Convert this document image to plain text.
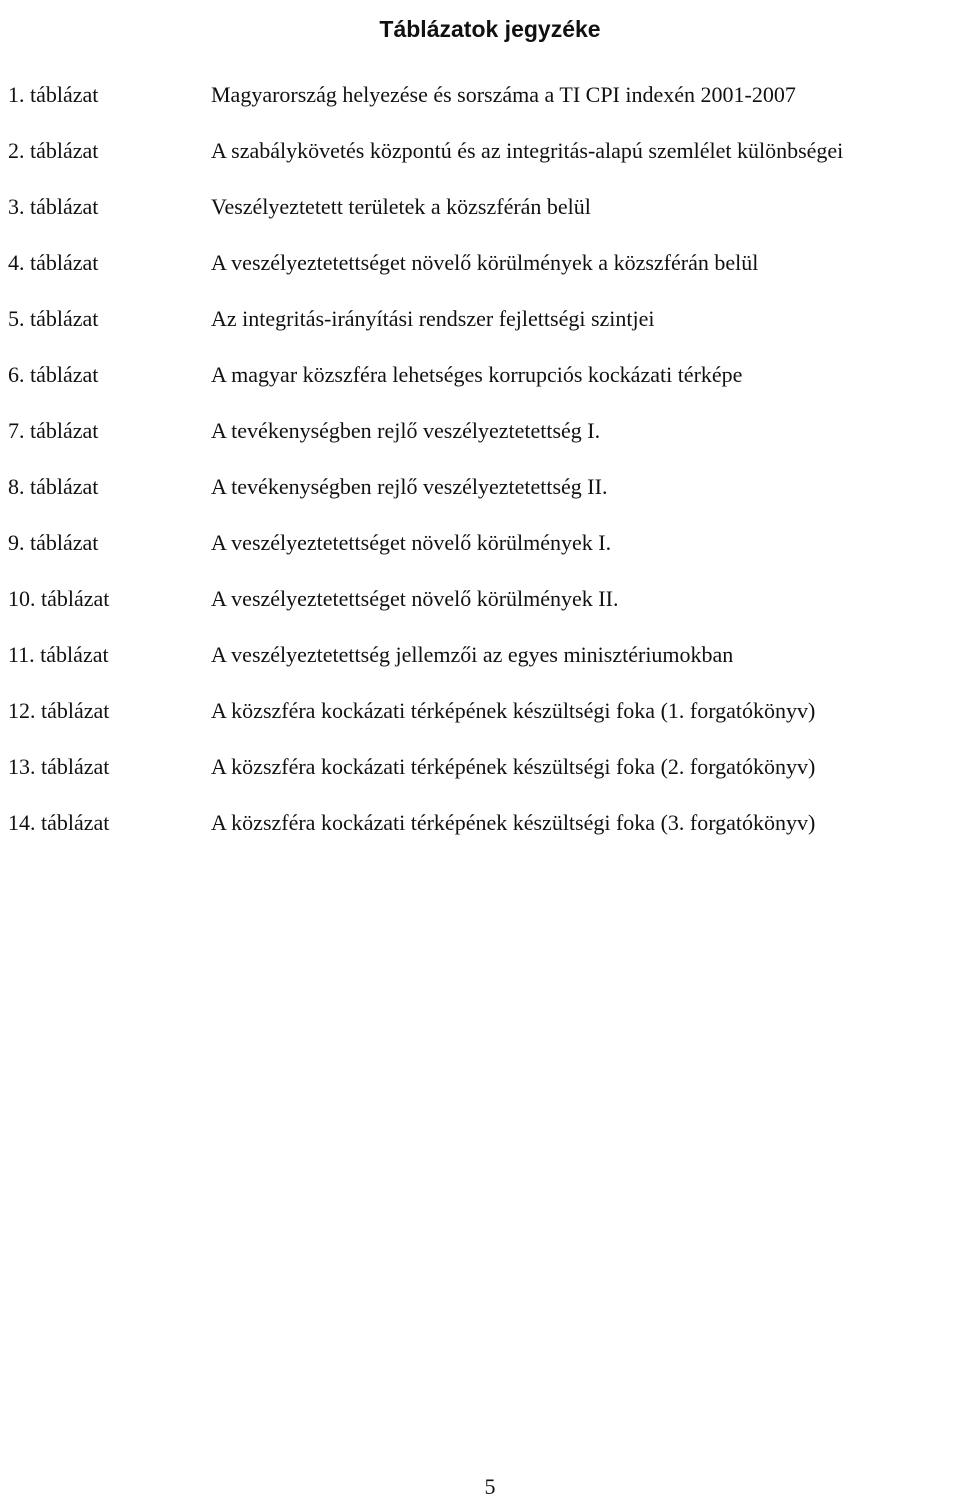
Táblázatok jegyzéke
1. táblázat	Magyarország helyezése és sorszáma a TI CPI indexén 2001-2007
2. táblázat	A szabálykövetés központú és az integritás-alapú szemlélet különbségei
3. táblázat	Veszélyeztetett területek a közszférán belül
4. táblázat	A veszélyeztetettséget növelő körülmények a közszférán belül
5. táblázat	Az integritás-irányítási rendszer fejlettségi szintjei
6. táblázat	A magyar közszféra lehetséges korrupciós kockázati térképe
7. táblázat	A tevékenységben rejlő veszélyeztetettség I.
8. táblázat	A tevékenységben rejlő veszélyeztetettség II.
9. táblázat	A veszélyeztetettséget növelő körülmények I.
10. táblázat	A veszélyeztetettséget növelő körülmények II.
11. táblázat	A veszélyeztetettség jellemzői az egyes minisztériumokban
12. táblázat	A közszféra kockázati térképének készültségi foka (1. forgatókönyv)
13. táblázat	A közszféra kockázati térképének készültségi foka (2. forgatókönyv)
14. táblázat	A közszféra kockázati térképének készültségi foka (3. forgatókönyv)
5
